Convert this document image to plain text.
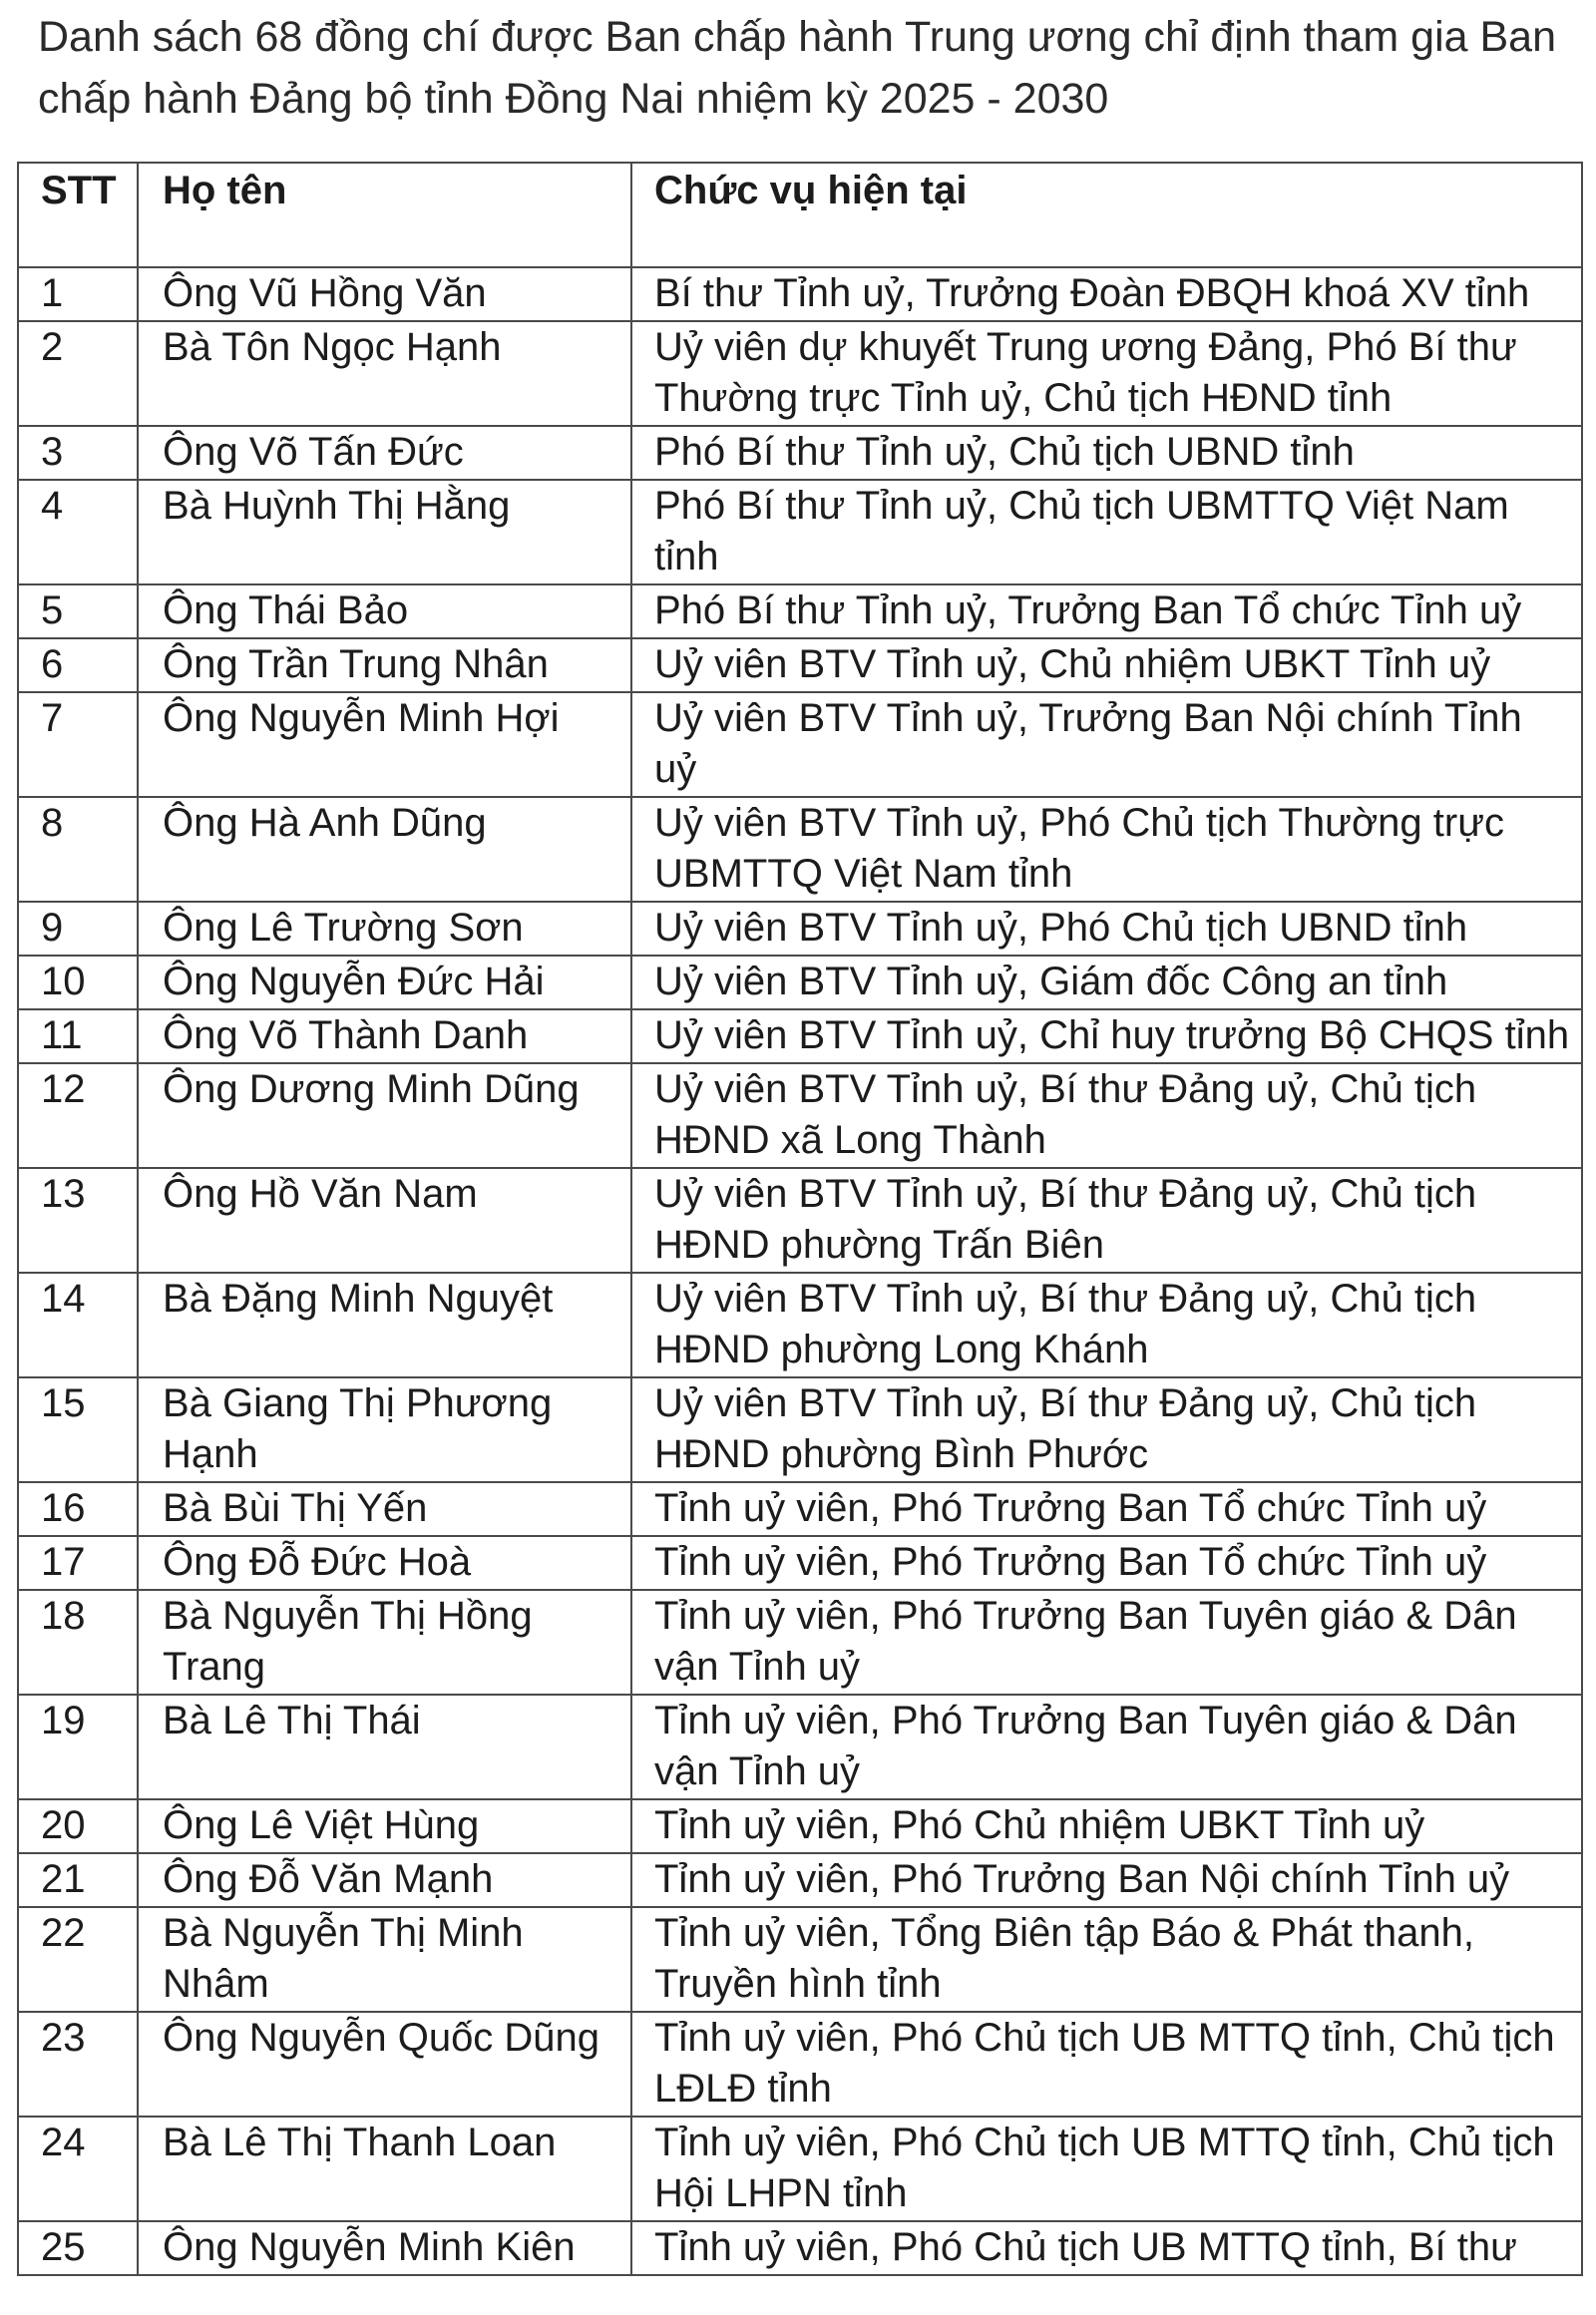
Danh sách 68 đồng chí được Ban chấp hành Trung ương chỉ định tham gia Ban chấp hành Đảng bộ tỉnh Đồng Nai nhiệm kỳ 2025 - 2030
STT	Họ tên	Chức vụ hiện tại
1	Ông Vũ Hồng Văn	Bí thư Tỉnh uỷ, Trưởng Đoàn ĐBQH khoá XV tỉnh
2	Bà Tôn Ngọc Hạnh	Uỷ viên dự khuyết Trung ương Đảng, Phó Bí thư Thường trực Tỉnh uỷ, Chủ tịch HĐND tỉnh
3	Ông Võ Tấn Đức	Phó Bí thư Tỉnh uỷ, Chủ tịch UBND tỉnh
4	Bà Huỳnh Thị Hằng	Phó Bí thư Tỉnh uỷ, Chủ tịch UBMTTQ Việt Nam tỉnh
5	Ông Thái Bảo	Phó Bí thư Tỉnh uỷ, Trưởng Ban Tổ chức Tỉnh uỷ
6	Ông Trần Trung Nhân	Uỷ viên BTV Tỉnh uỷ, Chủ nhiệm UBKT Tỉnh uỷ
7	Ông Nguyễn Minh Hợi	Uỷ viên BTV Tỉnh uỷ, Trưởng Ban Nội chính Tỉnh uỷ
8	Ông Hà Anh Dũng	Uỷ viên BTV Tỉnh uỷ, Phó Chủ tịch Thường trực UBMTTQ Việt Nam tỉnh
9	Ông Lê Trường Sơn	Uỷ viên BTV Tỉnh uỷ, Phó Chủ tịch UBND tỉnh
10	Ông Nguyễn Đức Hải	Uỷ viên BTV Tỉnh uỷ, Giám đốc Công an tỉnh
11	Ông Võ Thành Danh	Uỷ viên BTV Tỉnh uỷ, Chỉ huy trưởng Bộ CHQS tỉnh
12	Ông Dương Minh Dũng	Uỷ viên BTV Tỉnh uỷ, Bí thư Đảng uỷ, Chủ tịch HĐND xã Long Thành
13	Ông Hồ Văn Nam	Uỷ viên BTV Tỉnh uỷ, Bí thư Đảng uỷ, Chủ tịch HĐND phường Trấn Biên
14	Bà Đặng Minh Nguyệt	Uỷ viên BTV Tỉnh uỷ, Bí thư Đảng uỷ, Chủ tịch HĐND phường Long Khánh
15	Bà Giang Thị Phương Hạnh	Uỷ viên BTV Tỉnh uỷ, Bí thư Đảng uỷ, Chủ tịch HĐND phường Bình Phước
16	Bà Bùi Thị Yến	Tỉnh uỷ viên, Phó Trưởng Ban Tổ chức Tỉnh uỷ
17	Ông Đỗ Đức Hoà	Tỉnh uỷ viên, Phó Trưởng Ban Tổ chức Tỉnh uỷ
18	Bà Nguyễn Thị Hồng Trang	Tỉnh uỷ viên, Phó Trưởng Ban Tuyên giáo & Dân vận Tỉnh uỷ
19	Bà Lê Thị Thái	Tỉnh uỷ viên, Phó Trưởng Ban Tuyên giáo & Dân vận Tỉnh uỷ
20	Ông Lê Việt Hùng	Tỉnh uỷ viên, Phó Chủ nhiệm UBKT Tỉnh uỷ
21	Ông Đỗ Văn Mạnh	Tỉnh uỷ viên, Phó Trưởng Ban Nội chính Tỉnh uỷ
22	Bà Nguyễn Thị Minh Nhâm	Tỉnh uỷ viên, Tổng Biên tập Báo & Phát thanh, Truyền hình tỉnh
23	Ông Nguyễn Quốc Dũng	Tỉnh uỷ viên, Phó Chủ tịch UB MTTQ tỉnh, Chủ tịch LĐLĐ tỉnh
24	Bà Lê Thị Thanh Loan	Tỉnh uỷ viên, Phó Chủ tịch UB MTTQ tỉnh, Chủ tịch Hội LHPN tỉnh
25	Ông Nguyễn Minh Kiên	Tỉnh uỷ viên, Phó Chủ tịch UB MTTQ tỉnh, Bí thư
